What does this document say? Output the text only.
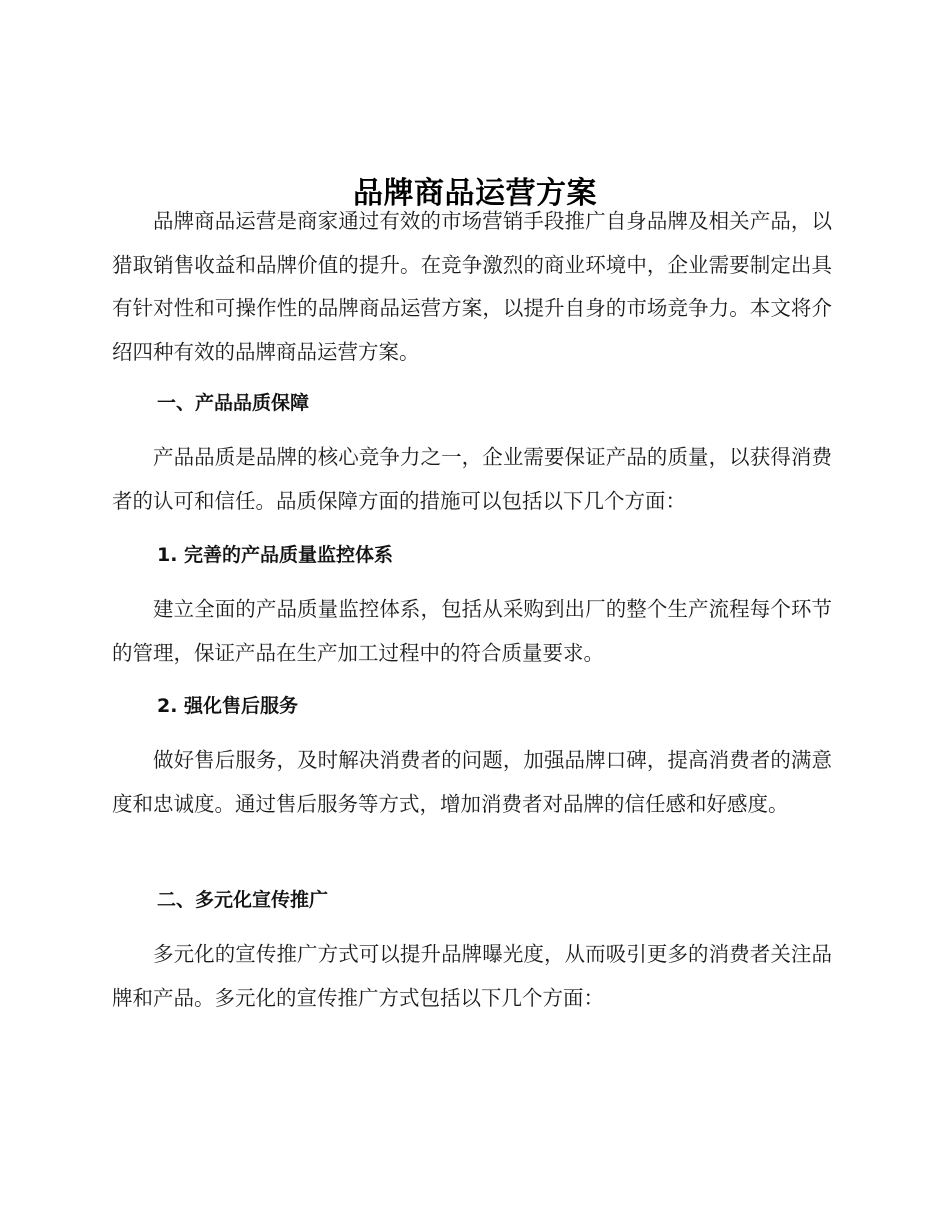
品牌商品运营方案

品牌商品运营是商家通过有效的市场营销手段推广自身品牌及相关产品，以猎取销售收益和品牌价值的提升。在竞争激烈的商业环境中，企业需要制定出具有针对性和可操作性的品牌商品运营方案，以提升自身的市场竞争力。本文将介绍四种有效的品牌商品运营方案。

一、产品品质保障

产品品质是品牌的核心竞争力之一，企业需要保证产品的质量，以获得消费者的认可和信任。品质保障方面的措施可以包括以下几个方面：

1. 完善的产品质量监控体系

建立全面的产品质量监控体系，包括从采购到出厂的整个生产流程每个环节的管理，保证产品在生产加工过程中的符合质量要求。

2. 强化售后服务

做好售后服务，及时解决消费者的问题，加强品牌口碑，提高消费者的满意度和忠诚度。通过售后服务等方式，增加消费者对品牌的信任感和好感度。

二、多元化宣传推广

多元化的宣传推广方式可以提升品牌曝光度，从而吸引更多的消费者关注品牌和产品。多元化的宣传推广方式包括以下几个方面：
